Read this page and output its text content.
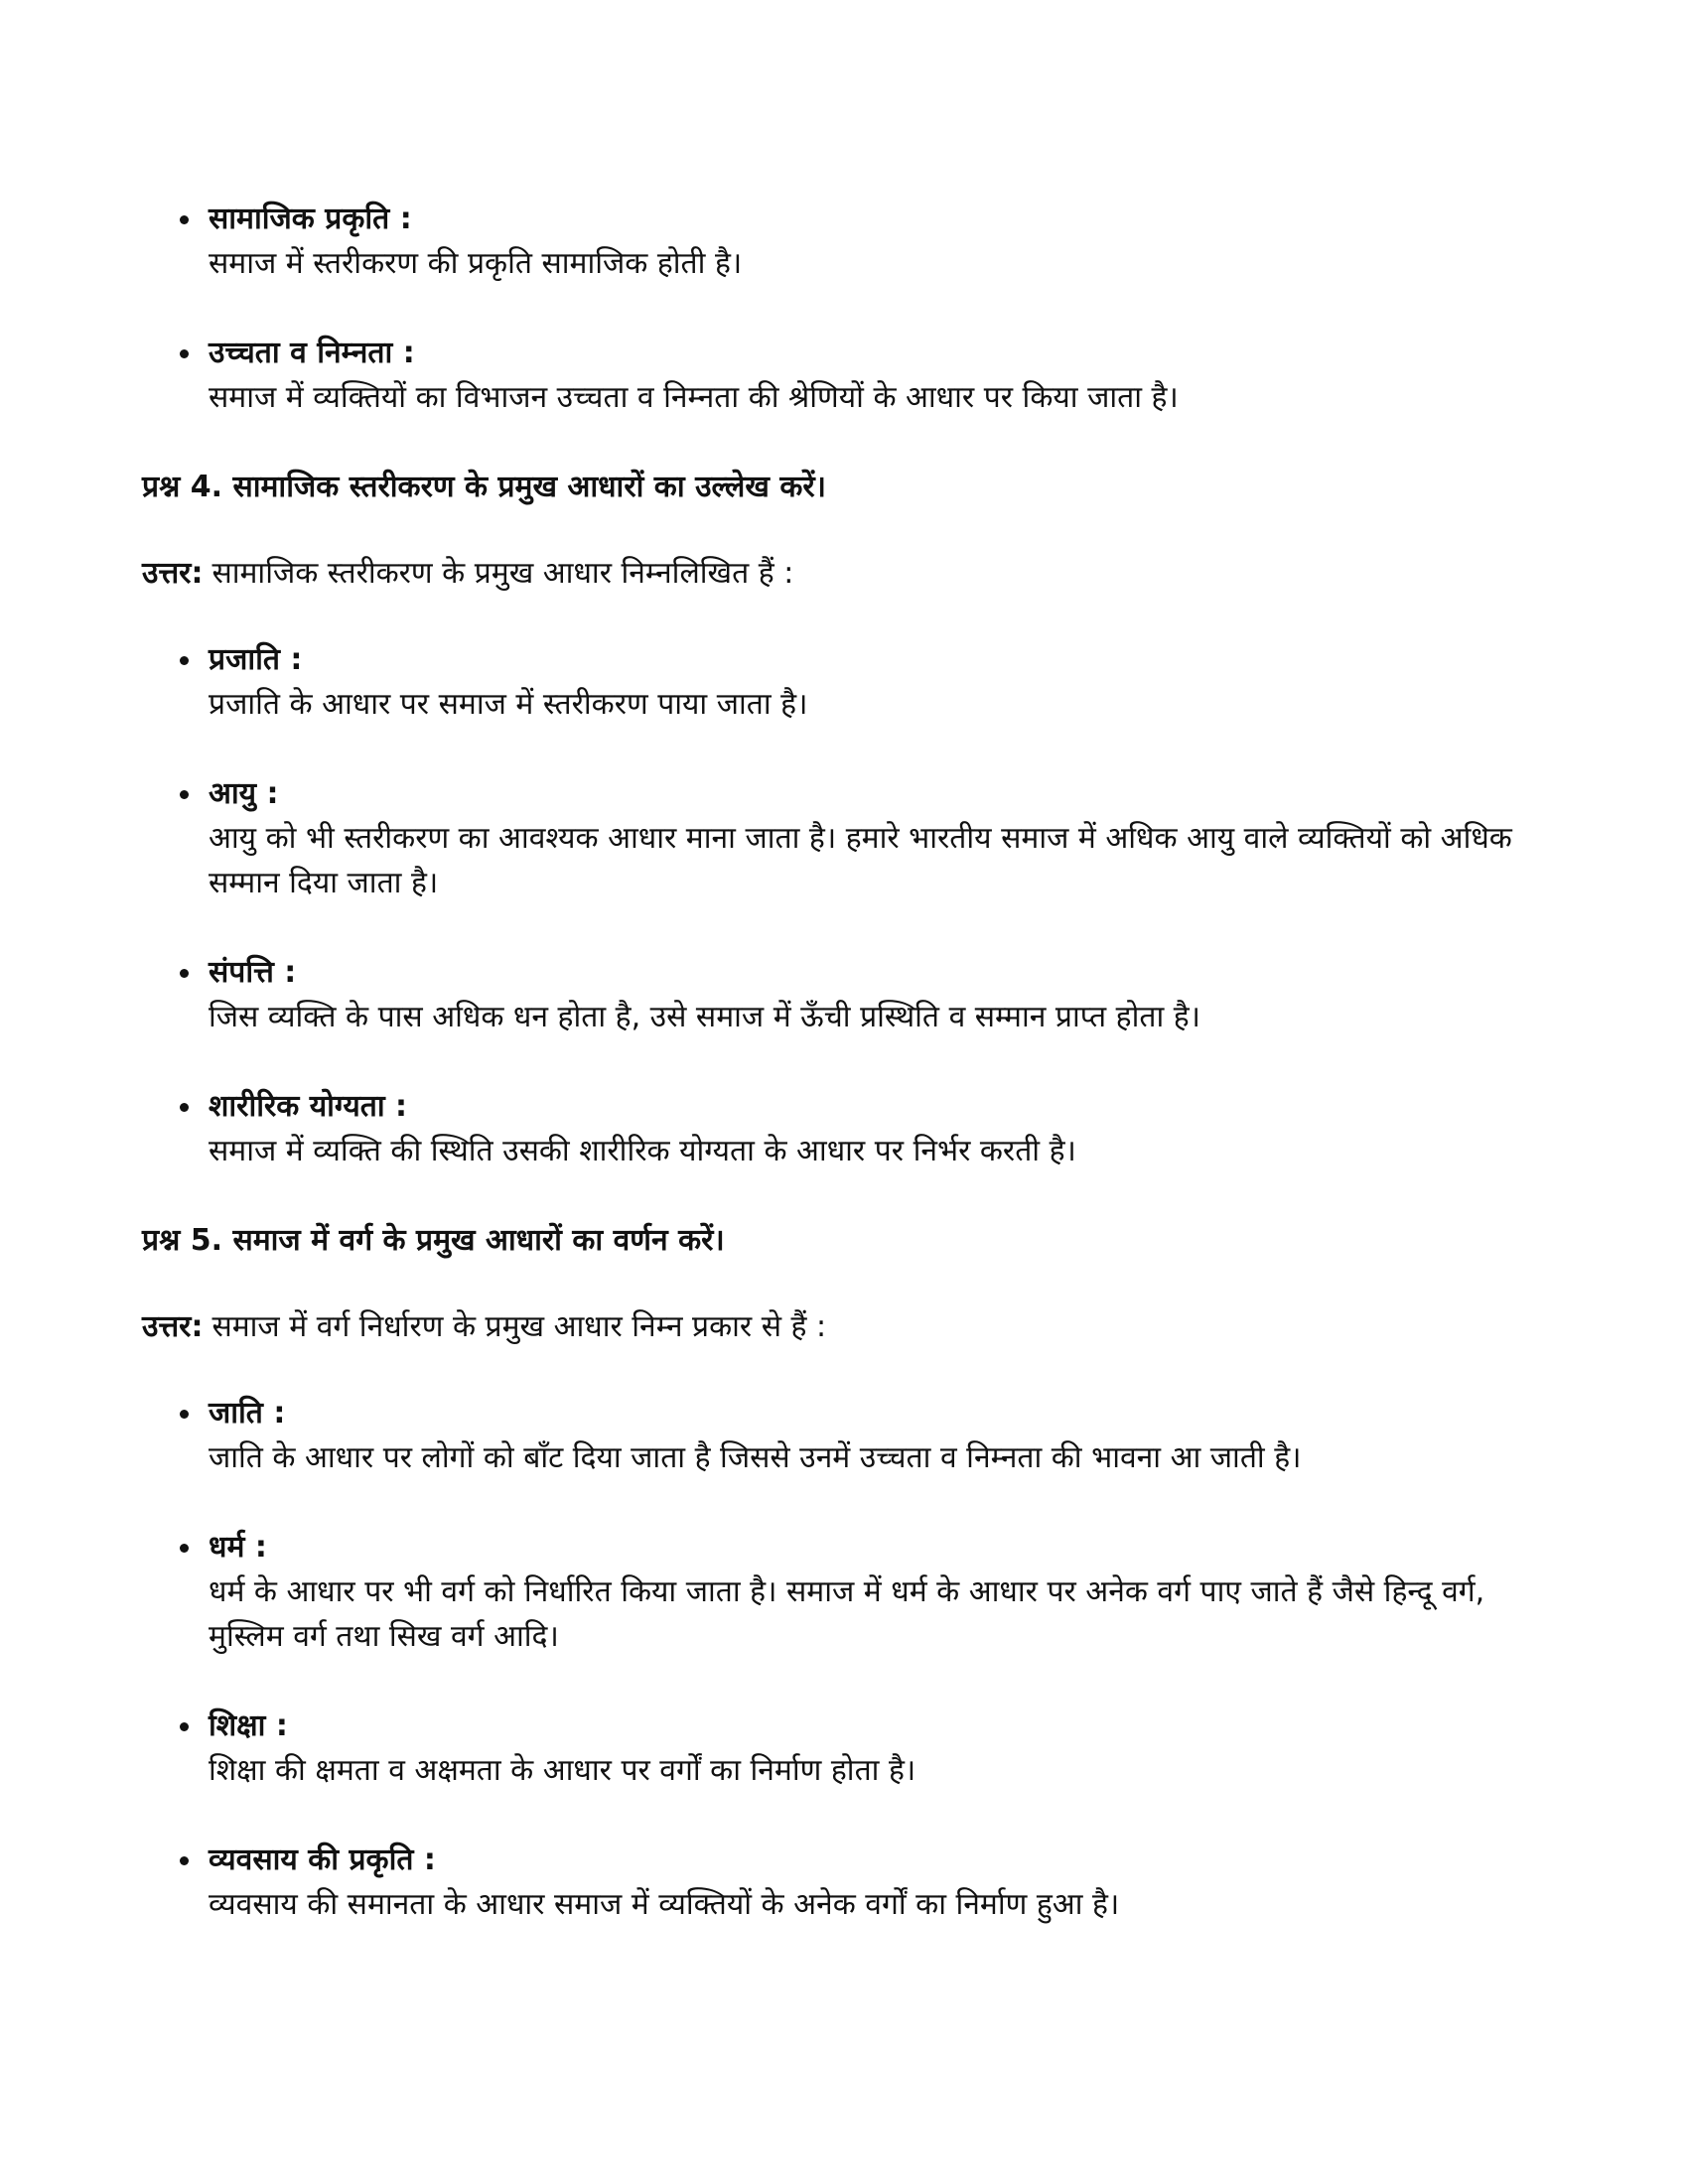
सामाजिक प्रकृति :
समाज में स्तरीकरण की प्रकृति सामाजिक होती है।
उच्चता व निम्नता :
समाज में व्यक्तियों का विभाजन उच्चता व निम्नता की श्रेणियों के आधार पर किया जाता है।

प्रश्न 4. सामाजिक स्तरीकरण के प्रमुख आधारों का उल्लेख करें।

उत्तर: सामाजिक स्तरीकरण के प्रमुख आधार निम्नलिखित हैं :

प्रजाति :
प्रजाति के आधार पर समाज में स्तरीकरण पाया जाता है।
आयु :
आयु को भी स्तरीकरण का आवश्यक आधार माना जाता है। हमारे भारतीय समाज में अधिक आयु वाले व्यक्तियों को अधिक सम्मान दिया जाता है।
संपत्ति :
जिस व्यक्ति के पास अधिक धन होता है, उसे समाज में ऊँची प्रस्थिति व सम्मान प्राप्त होता है।
शारीरिक योग्यता :
समाज में व्यक्ति की स्थिति उसकी शारीरिक योग्यता के आधार पर निर्भर करती है।

प्रश्न 5. समाज में वर्ग के प्रमुख आधारों का वर्णन करें।

उत्तर: समाज में वर्ग निर्धारण के प्रमुख आधार निम्न प्रकार से हैं :

जाति :
जाति के आधार पर लोगों को बाँट दिया जाता है जिससे उनमें उच्चता व निम्नता की भावना आ जाती है।
धर्म :
धर्म के आधार पर भी वर्ग को निर्धारित किया जाता है। समाज में धर्म के आधार पर अनेक वर्ग पाए जाते हैं जैसे हिन्दू वर्ग, मुस्लिम वर्ग तथा सिख वर्ग आदि।
शिक्षा :
शिक्षा की क्षमता व अक्षमता के आधार पर वर्गों का निर्माण होता है।
व्यवसाय की प्रकृति :
व्यवसाय की समानता के आधार समाज में व्यक्तियों के अनेक वर्गों का निर्माण हुआ है।
